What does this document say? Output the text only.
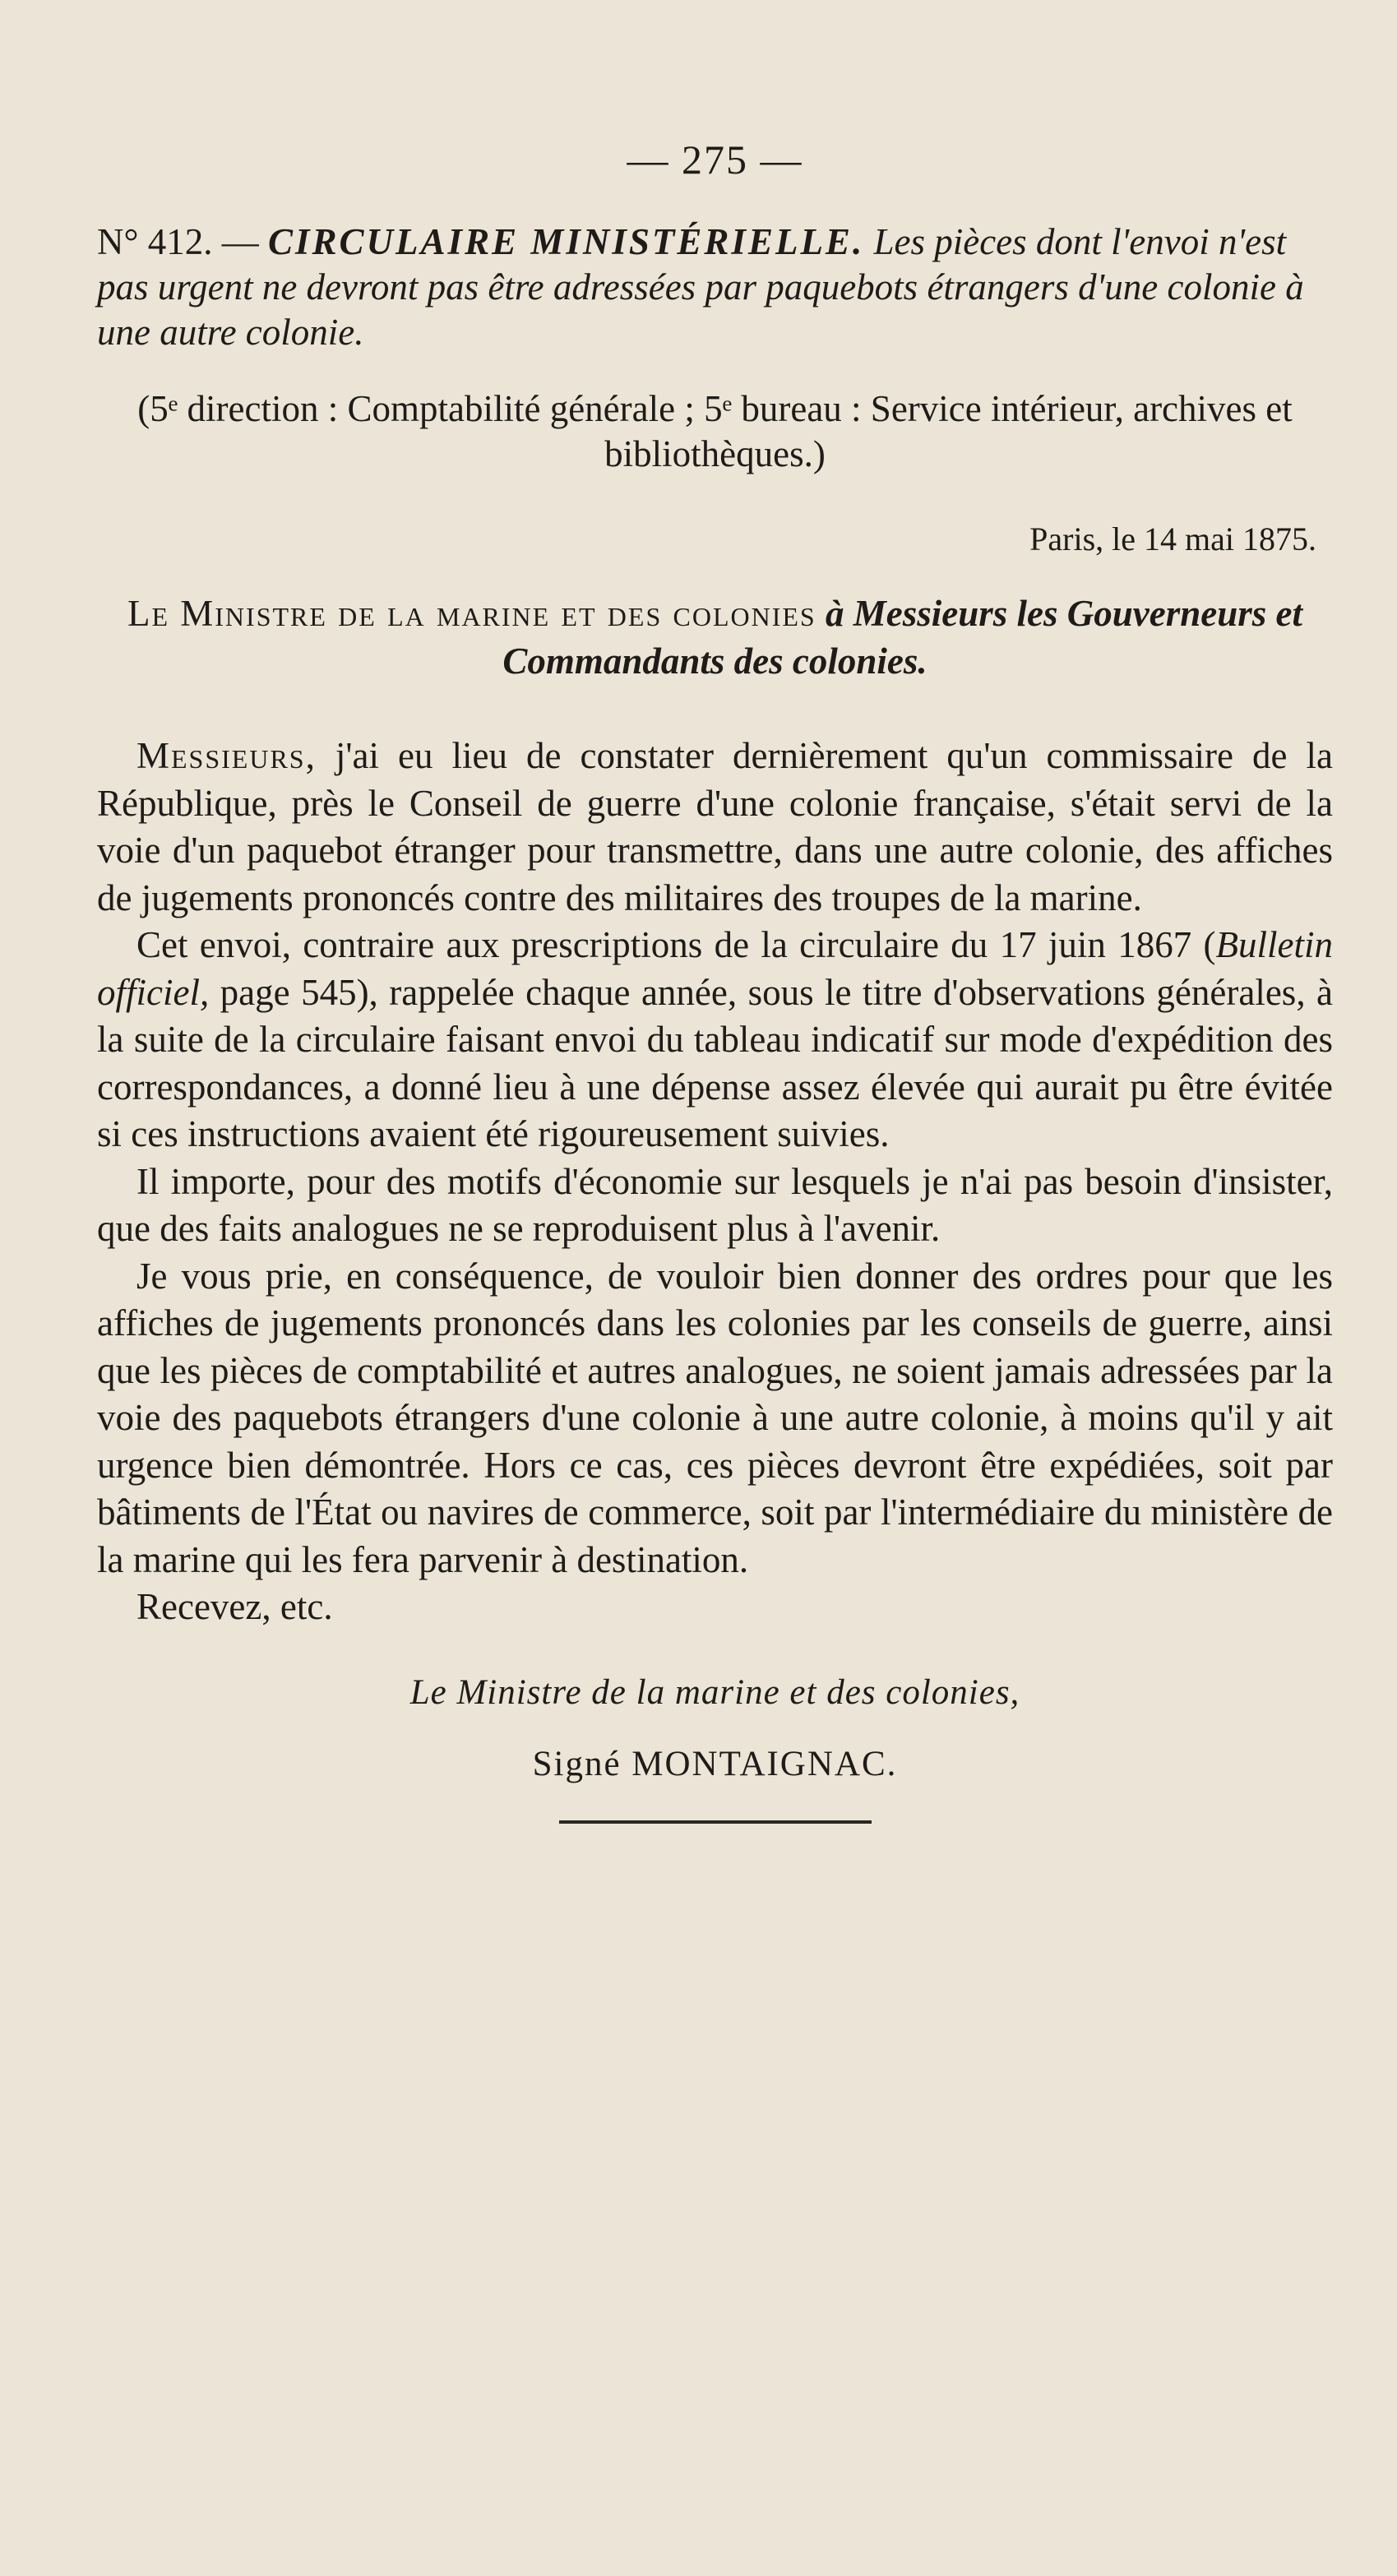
— 275 —

N° 412. — CIRCULAIRE MINISTÉRIELLE. Les pièces dont l'envoi n'est pas urgent ne devront pas être adressées par paquebots étrangers d'une colonie à une autre colonie.

(5ᵉ direction : Comptabilité générale ; 5ᵉ bureau : Service intérieur, archives et bibliothèques.)

Paris, le 14 mai 1875.

Le Ministre de la marine et des colonies à Messieurs les Gouverneurs et Commandants des colonies.

Messieurs, j'ai eu lieu de constater dernièrement qu'un commissaire de la République, près le Conseil de guerre d'une colonie française, s'était servi de la voie d'un paquebot étranger pour transmettre, dans une autre colonie, des affiches de jugements prononcés contre des militaires des troupes de la marine.

Cet envoi, contraire aux prescriptions de la circulaire du 17 juin 1867 (Bulletin officiel, page 545), rappelée chaque année, sous le titre d'observations générales, à la suite de la circulaire faisant envoi du tableau indicatif sur mode d'expédition des correspondances, a donné lieu à une dépense assez élevée qui aurait pu être évitée si ces instructions avaient été rigoureusement suivies.

Il importe, pour des motifs d'économie sur lesquels je n'ai pas besoin d'insister, que des faits analogues ne se reproduisent plus à l'avenir.

Je vous prie, en conséquence, de vouloir bien donner des ordres pour que les affiches de jugements prononcés dans les colonies par les conseils de guerre, ainsi que les pièces de comptabilité et autres analogues, ne soient jamais adressées par la voie des paquebots étrangers d'une colonie à une autre colonie, à moins qu'il y ait urgence bien démontrée. Hors ce cas, ces pièces devront être expédiées, soit par bâtiments de l'État ou navires de commerce, soit par l'intermédiaire du ministère de la marine qui les fera parvenir à destination.

Recevez, etc.

Le Ministre de la marine et des colonies,

Signé MONTAIGNAC.
